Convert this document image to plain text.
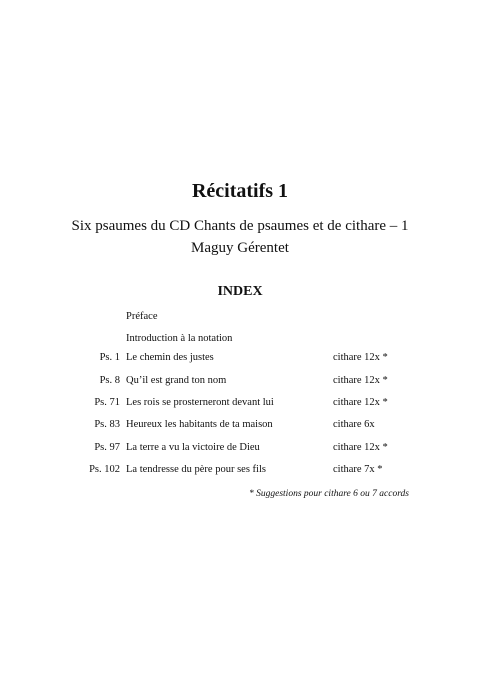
Récitatifs 1
Six psaumes du CD Chants de psaumes et de cithare – 1
Maguy Gérentet
INDEX
Préface
Introduction à la notation
Ps. 1 Le chemin des justes	cithare 12x *
Ps. 8 Qu’il est grand ton nom	cithare 12x *
Ps. 71 Les rois se prosterneront devant lui	cithare 12x *
Ps. 83 Heureux les habitants de ta maison	cithare 6x
Ps. 97 La terre a vu la victoire de Dieu	cithare 12x *
Ps. 102 La tendresse du père pour ses fils	cithare 7x *
* Suggestions pour cithare 6 ou 7 accords
